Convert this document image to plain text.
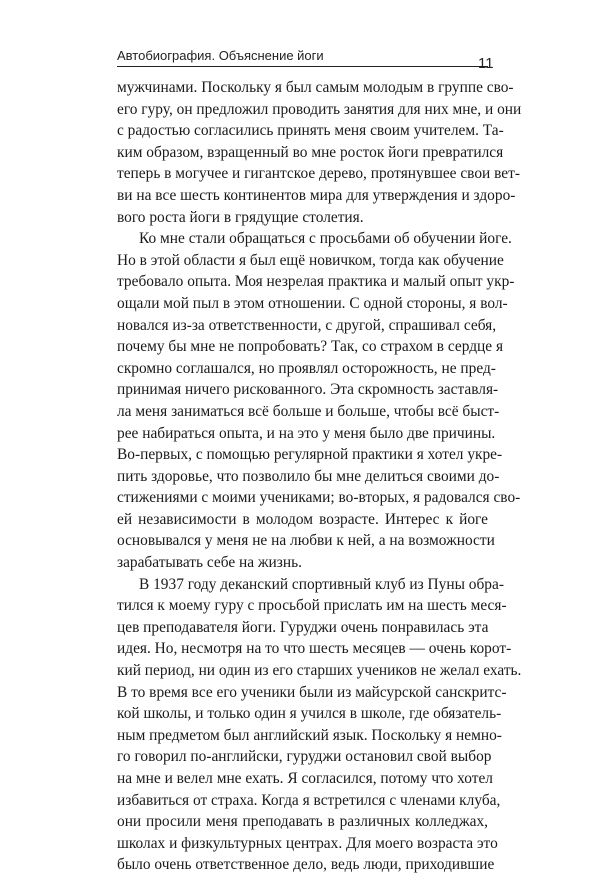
Автобиография. Объяснение йоги	11

мужчинами. Поскольку я был самым молодым в группе сво-
его гуру, он предложил проводить занятия для них мне, и они
с радостью согласились принять меня своим учителем. Та-
ким образом, взращенный во мне росток йоги превратился
теперь в могучее и гигантское дерево, протянувшее свои вет-
ви на все шесть континентов мира для утверждения и здоро-
вого роста йоги в грядущие столетия.

Ко мне стали обращаться с просьбами об обучении йоге.
Но в этой области я был ещё новичком, тогда как обучение
требовало опыта. Моя незрелая практика и малый опыт укр-
ощали мой пыл в этом отношении. С одной стороны, я вол-
новался из-за ответственности, с другой, спрашивал себя,
почему бы мне не попробовать? Так, со страхом в сердце я
скромно соглашался, но проявлял осторожность, не пред-
принимая ничего рискованного. Эта скромность заставля-
ла меня заниматься всё больше и больше, чтобы всё быст-
рее набираться опыта, и на это у меня было две причины.
Во-первых, с помощью регулярной практики я хотел укре-
пить здоровье, что позволило бы мне делиться своими до-
стижениями с моими учениками; во-вторых, я радовался сво-
ей независимости в молодом возрасте. Интерес к йоге
основывался у меня не на любви к ней, а на возможности
зарабатывать себе на жизнь.

В 1937 году деканский спортивный клуб из Пуны обра-
тился к моему гуру с просьбой прислать им на шесть меся-
цев преподавателя йоги. Гуруджи очень понравилась эта
идея. Но, несмотря на то что шесть месяцев — очень корот-
кий период, ни один из его старших учеников не желал ехать.
В то время все его ученики были из майсурской санскритс-
кой школы, и только один я учился в школе, где обязатель-
ным предметом был английский язык. Поскольку я немно-
го говорил по-английски, гуруджи остановил свой выбор
на мне и велел мне ехать. Я согласился, потому что хотел
избавиться от страха. Когда я встретился с членами клуба,
они просили меня преподавать в различных колледжах,
школах и физкультурных центрах. Для моего возраста это
было очень ответственное дело, ведь люди, приходившие
